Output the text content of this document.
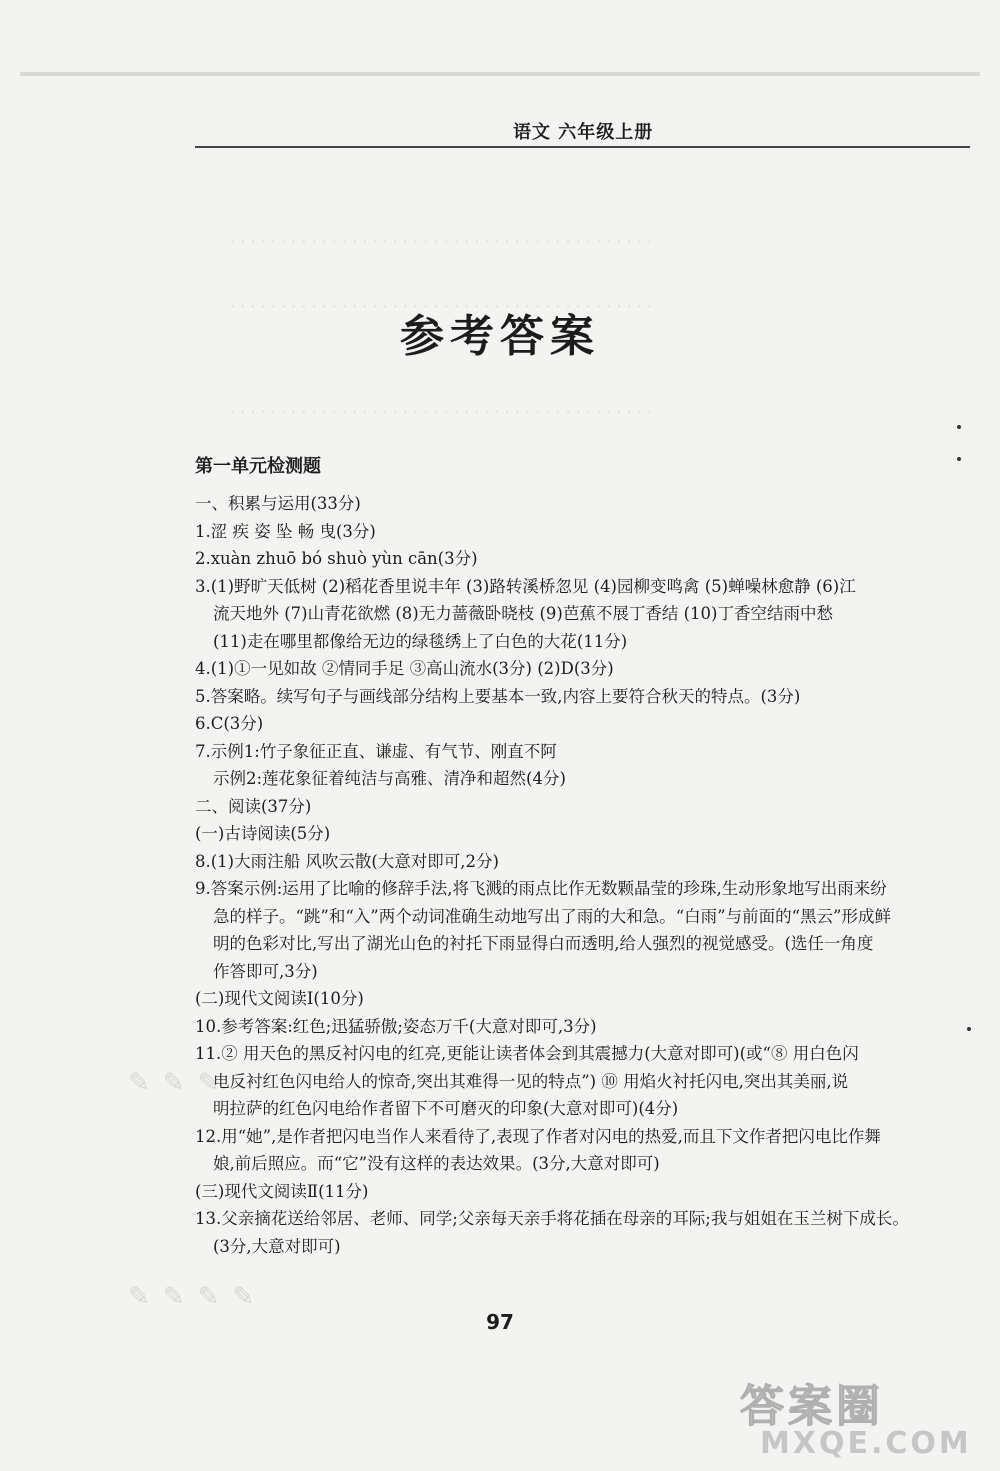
语文 六年级上册
· · · · · · · · · · · · · · · · · · · · · · · · · · · · · · · · · · · · · · · · · ·
· · · · · · · · · · · · · · · · · · · · · · · · · · · · · · · · · · · · · · · · · ·
· · · · · · · · · · · · · · · · · · · · · · · · · · · · · · · · · · · · · · · · · ·
参考答案
第一单元检测题
一、积累与运用(33分)
1.涩 疾 姿 坠 畅 曳(3分)
2.xuàn zhuō bó shuò yùn cān(3分)
3.(1)野旷天低树 (2)稻花香里说丰年 (3)路转溪桥忽见 (4)园柳变鸣禽 (5)蝉噪林愈静 (6)江
流天地外 (7)山青花欲燃 (8)无力蔷薇卧晓枝 (9)芭蕉不展丁香结 (10)丁香空结雨中愁
(11)走在哪里都像给无边的绿毯绣上了白色的大花(11分)
4.(1)①一见如故 ②情同手足 ③高山流水(3分) (2)D(3分)
5.答案略。续写句子与画线部分结构上要基本一致,内容上要符合秋天的特点。(3分)
6.C(3分)
7.示例1:竹子象征正直、谦虚、有气节、刚直不阿
示例2:莲花象征着纯洁与高雅、清净和超然(4分)
二、阅读(37分)
(一)古诗阅读(5分)
8.(1)大雨注船 风吹云散(大意对即可,2分)
9.答案示例:运用了比喻的修辞手法,将飞溅的雨点比作无数颗晶莹的珍珠,生动形象地写出雨来纷
急的样子。“跳”和“入”两个动词准确生动地写出了雨的大和急。“白雨”与前面的“黑云”形成鲜
明的色彩对比,写出了湖光山色的衬托下雨显得白而透明,给人强烈的视觉感受。(选任一角度
作答即可,3分)
(二)现代文阅读Ⅰ(10分)
10.参考答案:红色;迅猛骄傲;姿态万千(大意对即可,3分)
11.② 用天色的黑反衬闪电的红亮,更能让读者体会到其震撼力(大意对即可)(或“⑧ 用白色闪
电反衬红色闪电给人的惊奇,突出其难得一见的特点”) ⑩ 用焰火衬托闪电,突出其美丽,说
明拉萨的红色闪电给作者留下不可磨灭的印象(大意对即可)(4分)
12.用“她”,是作者把闪电当作人来看待了,表现了作者对闪电的热爱,而且下文作者把闪电比作舞
娘,前后照应。而“它”没有这样的表达效果。(3分,大意对即可)
(三)现代文阅读Ⅱ(11分)
13.父亲摘花送给邻居、老师、同学;父亲每天亲手将花插在母亲的耳际;我与姐姐在玉兰树下成长。
(3分,大意对即可)
✎ ✎ ✎
✎ ✎ ✎ ✎
97
答案圈
MXQE.COM
